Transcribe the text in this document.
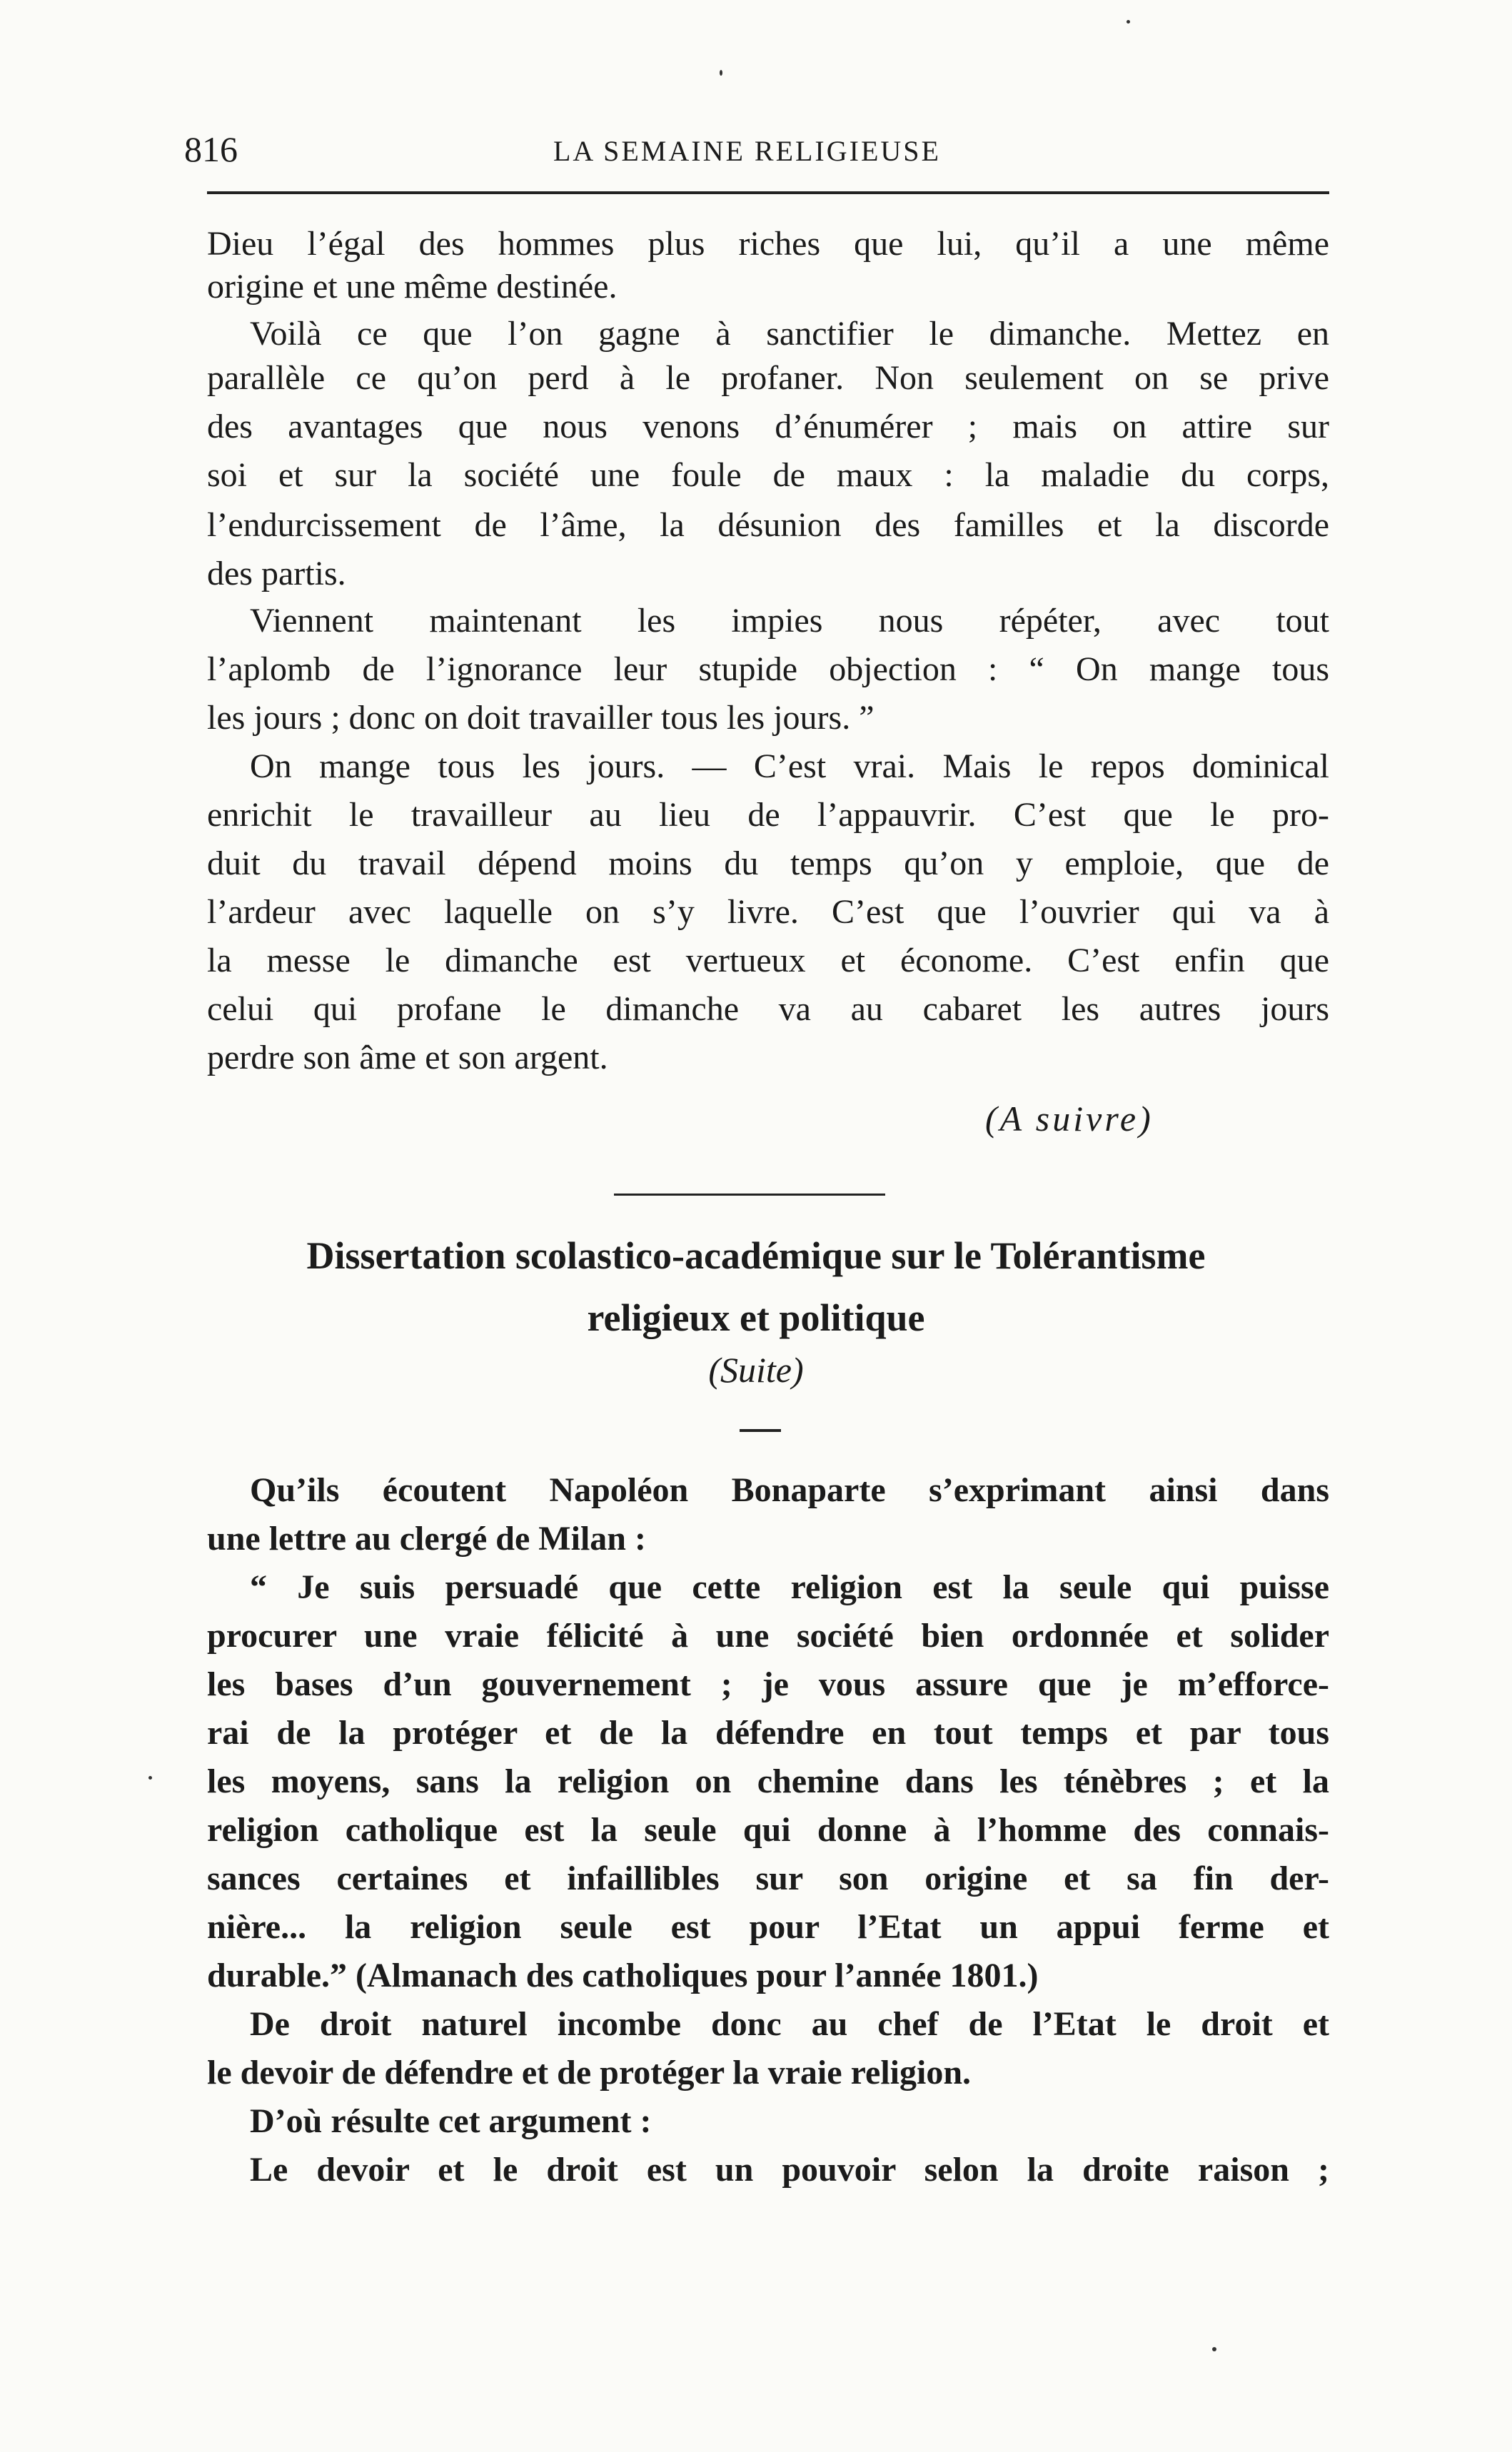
816	LA SEMAINE RELIGIEUSE
Dieu l’égal des hommes plus riches que lui, qu’il a une même
origine et une même destinée.
Voilà ce que l’on gagne à sanctifier le dimanche. Mettez en
parallèle ce qu’on perd à le profaner. Non seulement on se prive
des avantages que nous venons d’énumérer ; mais on attire sur
soi et sur la société une foule de maux : la maladie du corps,
l’endurcissement de l’âme, la désunion des familles et la discorde
des partis.
Viennent maintenant les impies nous répéter, avec tout
l’aplomb de l’ignorance leur stupide objection : “ On mange tous
les jours ; donc on doit travailler tous les jours. ”
On mange tous les jours. — C’est vrai. Mais le repos dominical
enrichit le travailleur au lieu de l’appauvrir. C’est que le pro-
duit du travail dépend moins du temps qu’on y emploie, que de
l’ardeur avec laquelle on s’y livre. C’est que l’ouvrier qui va à
la messe le dimanche est vertueux et économe. C’est enfin que
celui qui profane le dimanche va au cabaret les autres jours
perdre son âme et son argent.
(A suivre)
Dissertation scolastico-académique sur le Tolérantisme
religieux et politique
(Suite)
Qu’ils écoutent Napoléon Bonaparte s’exprimant ainsi dans
une lettre au clergé de Milan :
“ Je suis persuadé que cette religion est la seule qui puisse
procurer une vraie félicité à une société bien ordonnée et solider
les bases d’un gouvernement ; je vous assure que je m’efforce-
rai de la protéger et de la défendre en tout temps et par tous
les moyens, sans la religion on chemine dans les ténèbres ; et la
religion catholique est la seule qui donne à l’homme des connais-
sances certaines et infaillibles sur son origine et sa fin der-
nière... la religion seule est pour l’Etat un appui ferme et
durable.” (Almanach des catholiques pour l’année 1801.)
De droit naturel incombe donc au chef de l’Etat le droit et
le devoir de défendre et de protéger la vraie religion.
D’où résulte cet argument :
Le devoir et le droit est un pouvoir selon la droite raison ;
